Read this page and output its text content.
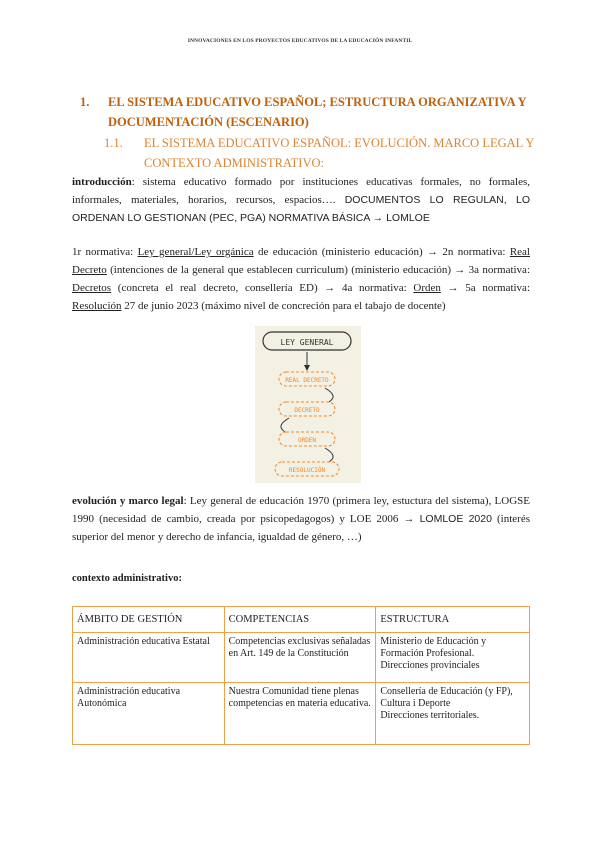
INNOVACIONES EN LOS PROYECTOS EDUCATIVOS DE LA EDUCACIÓN INFANTIL
1.	EL SISTEMA EDUCATIVO ESPAÑOL; ESTRUCTURA ORGANIZATIVA Y DOCUMENTACIÓN (ESCENARIO)
1.1.	EL SISTEMA EDUCATIVO ESPAÑOL: EVOLUCIÓN. MARCO LEGAL Y CONTEXTO ADMINISTRATIVO:
introducción: sistema educativo formado por instituciones educativas formales, no formales, informales, materiales, horarios, recursos, espacios…. DOCUMENTOS LO REGULAN, LO ORDENAN LO GESTIONAN (PEC, PGA) NORMATIVA BÁSICA → LOMLOE
1r normativa: Ley general/Ley orgánica de educación (ministerio educación) → 2n normativa: Real Decreto (intenciones de la general que establecen curriculum) (ministerio educación) → 3a normativa: Decretos (concreta el real decreto, consellería ED) → 4a normativa: Orden → 5a normativa: Resolución 27 de junio 2023 (máximo nivel de concreción para el tabajo de docente)
LEY GENERAL
REAL DECRETO
DECRETO
ORDEN
RESOLUCIÓN
evolución y marco legal: Ley general de educación 1970 (primera ley, estuctura del sistema), LOGSE 1990 (necesidad de cambio, creada por psicopedagogos) y LOE 2006 → LOMLOE 2020 (interés superior del menor y derecho de infancia, igualdad de género, …)
contexto administrativo:
ÁMBITO DE GESTIÓN	COMPETENCIAS	ESTRUCTURA
Administración educativa Estatal	Competencias exclusivas señaladas en Art. 149 de la Constitución	Ministerio de Educación y Formación Profesional.
Direcciones provinciales
Administración educativa Autonómica	Nuestra Comunidad tiene plenas competencias en materia educativa.	Consellería de Educación (y FP),
Cultura i Deporte
Direcciones territoriales.
